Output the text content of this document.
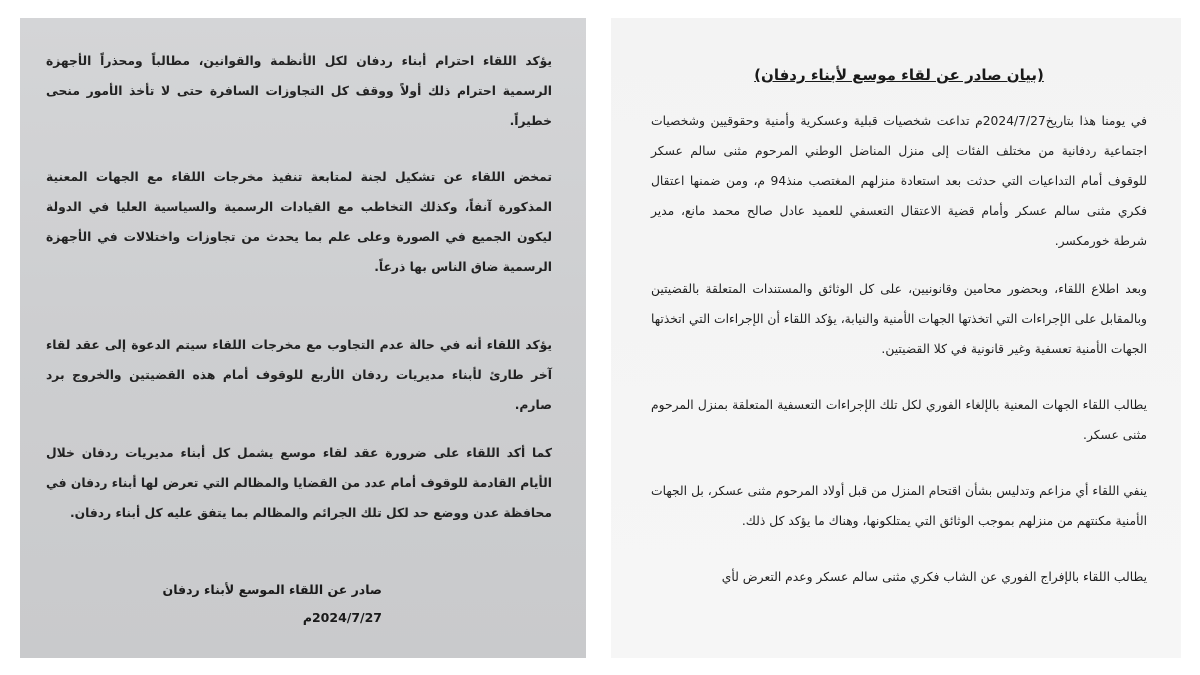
يؤكد اللقاء احترام أبناء ردفان لكل الأنظمة والقوانين، مطالباً ومحذراً الأجهزة الرسمية احترام ذلك أولاً ووقف كل التجاوزات السافرة حتى لا تأخذ الأمور منحى خطيراً.

تمخض اللقاء عن تشكيل لجنة لمتابعة تنفيذ مخرجات اللقاء مع الجهات المعنية المذكورة آنفاً، وكذلك التخاطب مع القيادات الرسمية والسياسية العليا في الدولة ليكون الجميع في الصورة وعلى علم بما يحدث من تجاوزات واختلالات في الأجهزة الرسمية ضاق الناس بها ذرعاً.

يؤكد اللقاء أنه في حالة عدم التجاوب مع مخرجات اللقاء سيتم الدعوة إلى عقد لقاء آخر طارئ لأبناء مديريات ردفان الأربع للوقوف أمام هذه القضيتين والخروج برد صارم.

كما أكد اللقاء على ضرورة عقد لقاء موسع يشمل كل أبناء مديريات ردفان خلال الأيام القادمة للوقوف أمام عدد من القضايا والمظالم التي تعرض لها أبناء ردفان في محافظة عدن ووضع حد لكل تلك الجرائم والمظالم بما يتفق عليه كل أبناء ردفان.

صادر عن اللقاء الموسع لأبناء ردفان
2024/7/27م
(بيان صادر عن لقاء موسع لأبناء ردفان)

في يومنا هذا بتاريخ2024/7/27م تداعت شخصيات قبلية وعسكرية وأمنية وحقوقيين وشخصيات اجتماعية ردفانية من مختلف الفئات إلى منزل المناضل الوطني المرحوم مثنى سالم عسكر للوقوف أمام التداعيات التي حدثت بعد استعادة منزلهم المغتصب منذ94 م، ومن ضمنها اعتقال فكري مثنى سالم عسكر وأمام قضية الاعتقال التعسفي للعميد عادل صالح محمد مانع، مدير شرطة خورمكسر.

وبعد اطلاع اللقاء، وبحضور محامين وقانونيين، على كل الوثائق والمستندات المتعلقة بالقضيتين وبالمقابل على الإجراءات التي اتخذتها الجهات الأمنية والنيابة، يؤكد اللقاء أن الإجراءات التي اتخذتها الجهات الأمنية تعسفية وغير قانونية في كلا القضيتين.

يطالب اللقاء الجهات المعنية بالإلغاء الفوري لكل تلك الإجراءات التعسفية المتعلقة بمنزل المرحوم مثنى عسكر.

ينفي اللقاء أي مزاعم وتدليس بشأن اقتحام المنزل من قبل أولاد المرحوم مثنى عسكر، بل الجهات الأمنية مكنتهم من منزلهم بموجب الوثائق التي يمتلكونها، وهناك ما يؤكد كل ذلك.

يطالب اللقاء بالإفراج الفوري عن الشاب فكري مثنى سالم عسكر وعدم التعرض لأي
